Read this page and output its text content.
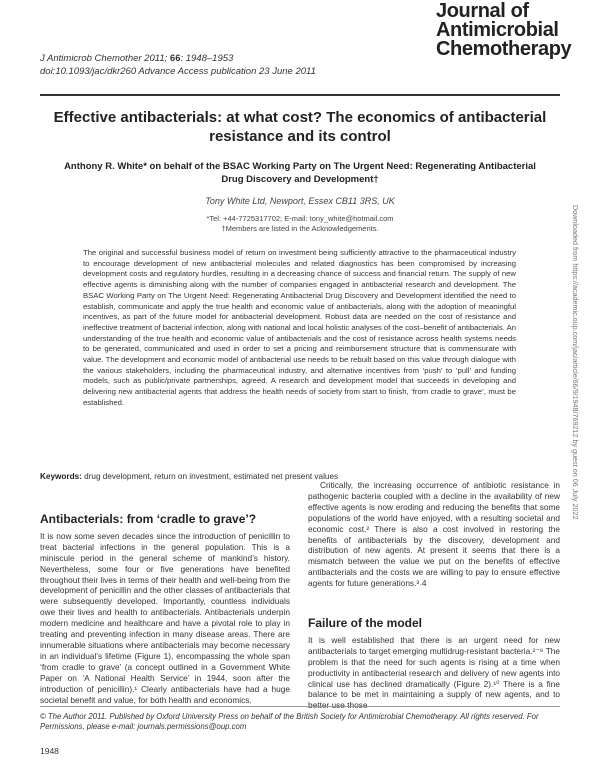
J Antimicrob Chemother 2011; 66: 1948–1953
doi:10.1093/jac/dkr260 Advance Access publication 23 June 2011
Journal of
Antimicrobial
Chemotherapy
Effective antibacterials: at what cost? The economics of antibacterial resistance and its control
Anthony R. White* on behalf of the BSAC Working Party on The Urgent Need: Regenerating Antibacterial Drug Discovery and Development†
Tony White Ltd, Newport, Essex CB11 3RS, UK
*Tel: +44-7725317702; E-mail: tony_white@hotmail.com
†Members are listed in the Acknowledgements.
The original and successful business model of return on investment being sufficiently attractive to the pharmaceutical industry to encourage development of new antibacterial molecules and related diagnostics has been compromised by increasing development costs and regulatory hurdles, resulting in a decreasing chance of success and financial return. The supply of new effective agents is diminishing along with the number of companies engaged in antibacterial research and development. The BSAC Working Party on The Urgent Need: Regenerating Antibacterial Drug Discovery and Development identified the need to establish, communicate and apply the true health and economic value of antibacterials, along with the adoption of meaningful incentives, as part of the future model for antibacterial development. Robust data are needed on the cost of resistance and ineffective treatment of bacterial infection, along with national and local holistic analyses of the cost–benefit of antibacterials. An understanding of the true health and economic value of antibacterials and the cost of resistance across health systems needs to be generated, communicated and used in order to set a pricing and reimbursement structure that is commensurate with value. The development and economic model of antibacterial use needs to be rebuilt based on this value through dialogue with the various stakeholders, including the pharmaceutical industry, and alternative incentives from ‘push’ to ‘pull’ and funding models, such as public/private partnerships, agreed. A research and development model that succeeds in developing and delivering new antibacterial agents that address the health needs of society from start to finish, ‘from cradle to grave’, must be established.
Keywords: drug development, return on investment, estimated net present values
Antibacterials: from ‘cradle to grave’?

It is now some seven decades since the introduction of penicillin to treat bacterial infections in the general population. This is a miniscule period in the general scheme of mankind’s history. Nevertheless, some four or five generations have benefited throughout their lives in terms of their health and well-being from the development of penicillin and the other classes of antibacterials that were subsequently developed. Importantly, countless individuals owe their lives and health to antibacterials. Antibacterials underpin modern medicine and healthcare and have a pivotal role to play in treating and preventing infection in many disease areas. There are innumerable situations where antibacterials may become necessary in an individual’s lifetime (Figure 1), encompassing the whole span ‘from cradle to grave’ (a concept outlined in a Government White Paper on ‘A National Health Service’ in 1944, soon after the introduction of penicillin).¹ Clearly antibacterials have had a huge societal benefit and value, for both health and economics.

Critically, the increasing occurrence of antibiotic resistance in pathogenic bacteria coupled with a decline in the availability of new effective agents is now eroding and reducing the benefits that some populations of the world have enjoyed, with a resulting societal and economic cost.² There is also a cost involved in restoring the benefits of antibacterials by the discovery, development and distribution of new agents. At present it seems that there is a mismatch between the value we put on the benefits of effective antibacterials and the costs we are willing to pay to ensure effective agents for future generations.³˒4

Failure of the model

It is well established that there is an urgent need for new antibacterials to target emerging multidrug-resistant bacteria.²⁻⁹ The problem is that the need for such agents is rising at a time when productivity in antibacterial research and delivery of new agents into clinical use has declined dramatically (Figure 2).¹⁰ There is a fine balance to be met in maintaining a supply of new agents, and to

© The Author 2011. Published by Oxford University Press on behalf of the British Society for Antimicrobial Chemotherapy. All rights reserved. For Permissions, please e-mail: journals.permissions@oup.com
1948
Downloaded from https://academic.oup.com/jac/article/66/9/1948/769212 by guest on 06 July 2022
